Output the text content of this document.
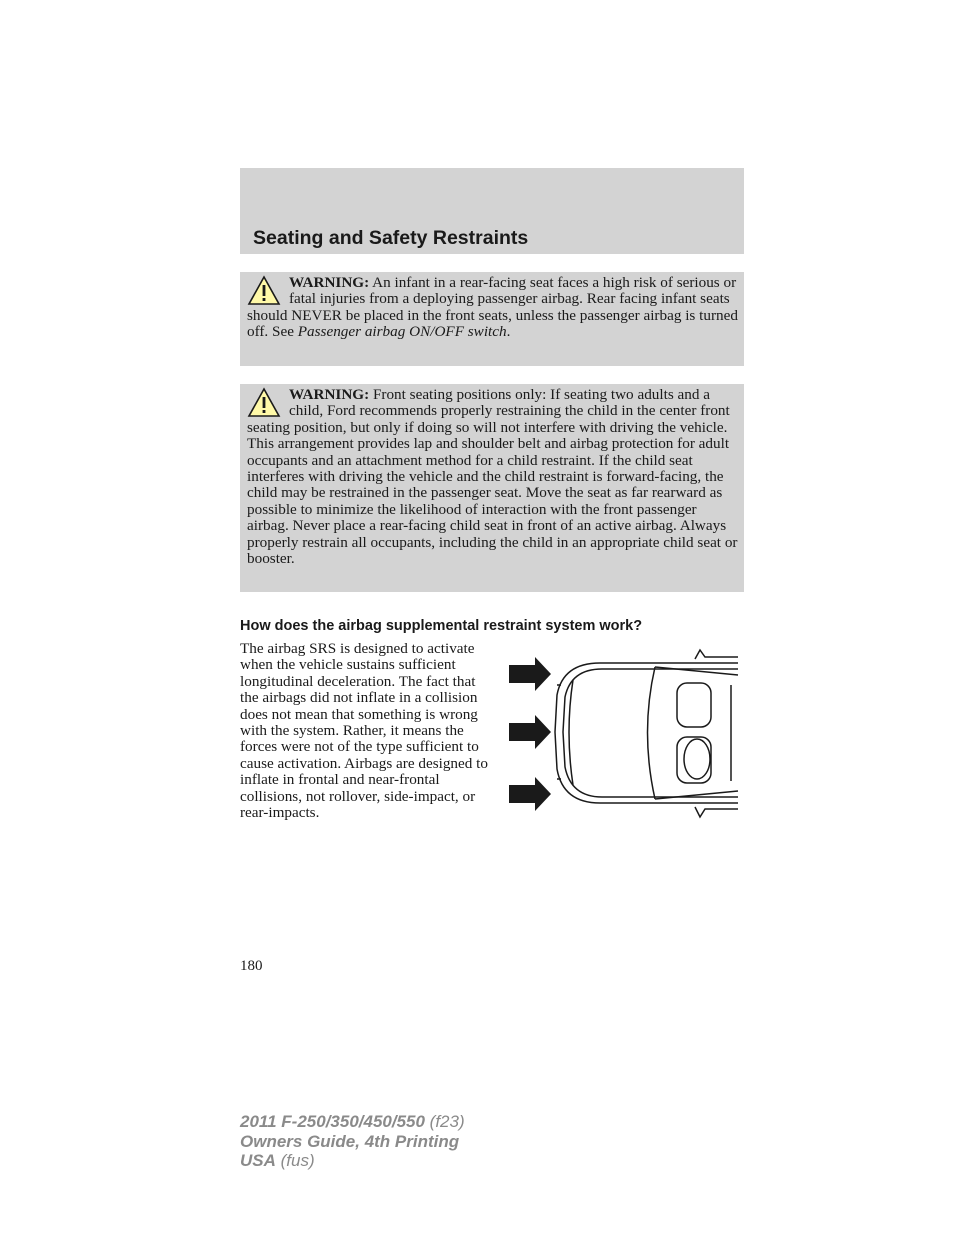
Seating and Safety Restraints
WARNING: An infant in a rear-facing seat faces a high risk of serious or fatal injuries from a deploying passenger airbag. Rear facing infant seats should NEVER be placed in the front seats, unless the passenger airbag is turned off. See Passenger airbag ON/OFF switch.
WARNING: Front seating positions only: If seating two adults and a child, Ford recommends properly restraining the child in the center front seating position, but only if doing so will not interfere with driving the vehicle. This arrangement provides lap and shoulder belt and airbag protection for adult occupants and an attachment method for a child restraint. If the child seat interferes with driving the vehicle and the child restraint is forward-facing, the child may be restrained in the passenger seat. Move the seat as far rearward as possible to minimize the likelihood of interaction with the front passenger airbag. Never place a rear-facing child seat in front of an active airbag. Always properly restrain all occupants, including the child in an appropriate child seat or booster.
How does the airbag supplemental restraint system work?

The airbag SRS is designed to activate when the vehicle sustains sufficient longitudinal deceleration. The fact that the airbags did not inflate in a collision does not mean that something is wrong with the system. Rather, it means the forces were not of the type sufficient to cause activation. Airbags are designed to inflate in frontal and near-frontal collisions, not rollover, side-impact, or rear-impacts.

180

2011 F-250/350/450/550 (f23)
Owners Guide, 4th Printing
USA (fus)
